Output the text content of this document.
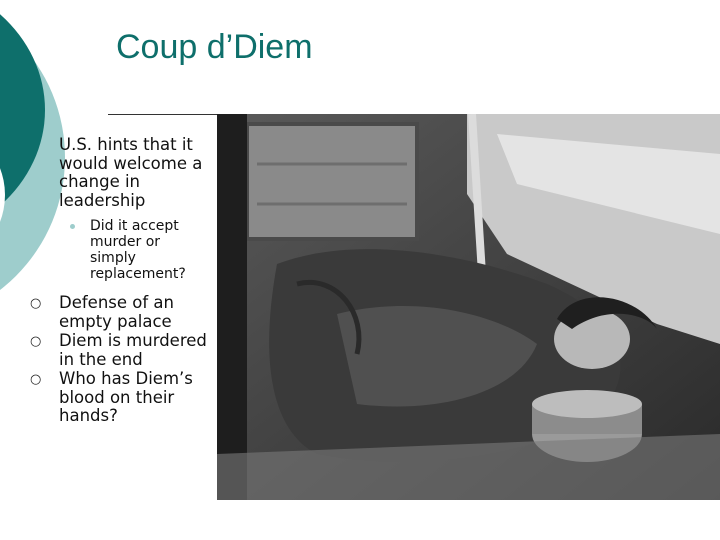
Coup d’Diem
U.S. hints that it would welcome a change in leadership
Did it accept murder or simply replacement?
○ Defense of an empty palace
○ Diem is murdered in the end
○ Who has Diem’s blood on their hands?
